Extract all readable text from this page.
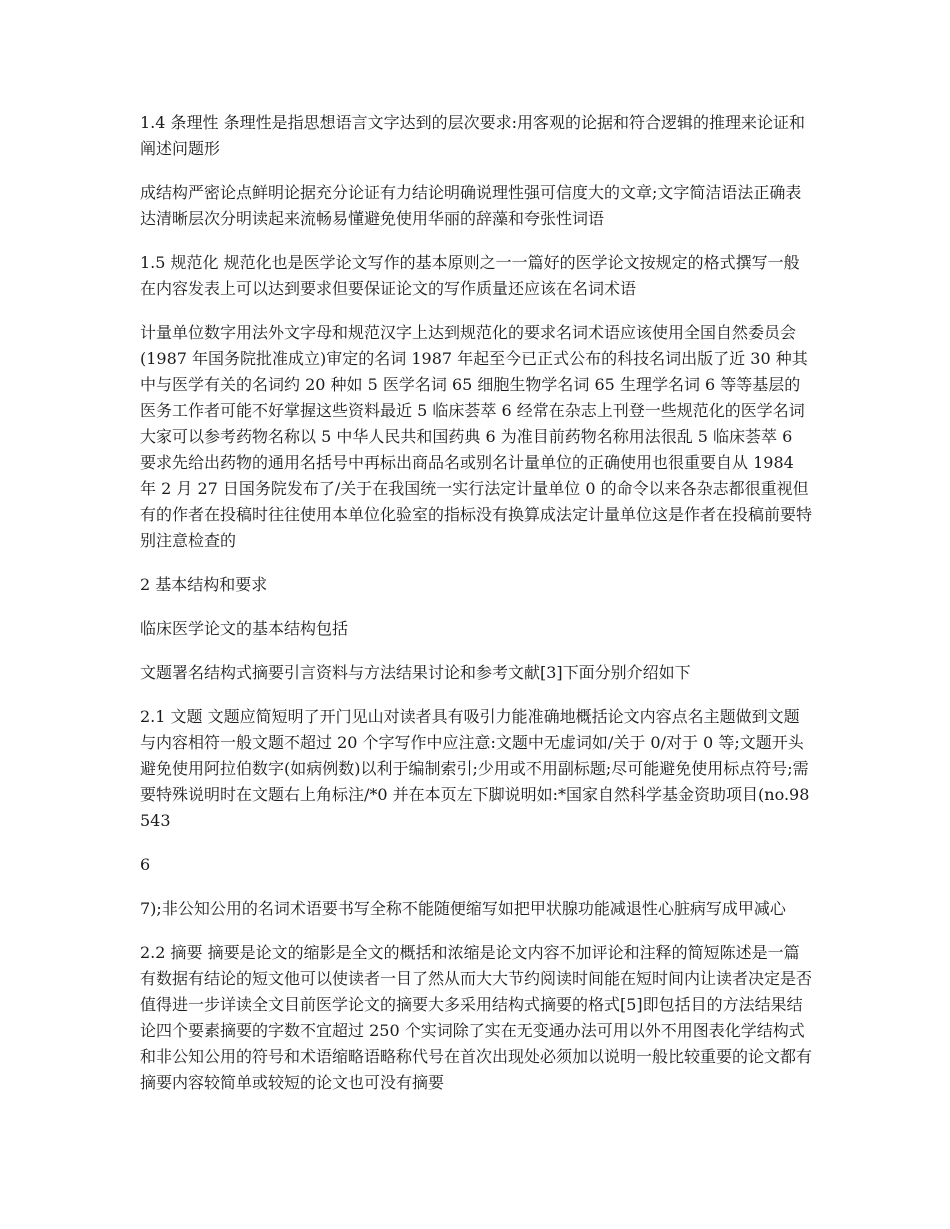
1.4 条理性 条理性是指思想语言文字达到的层次要求:用客观的论据和符合逻辑的推理来论证和阐述问题形

成结构严密论点鲜明论据充分论证有力结论明确说理性强可信度大的文章;文字简洁语法正确表达清晰层次分明读起来流畅易懂避免使用华丽的辞藻和夸张性词语

1.5 规范化 规范化也是医学论文写作的基本原则之一一篇好的医学论文按规定的格式撰写一般在内容发表上可以达到要求但要保证论文的写作质量还应该在名词术语

计量单位数字用法外文字母和规范汉字上达到规范化的要求名词术语应该使用全国自然委员会(1987 年国务院批准成立)审定的名词 1987 年起至今已正式公布的科技名词出版了近 30 种其中与医学有关的名词约 20 种如 5 医学名词 65 细胞生物学名词 65 生理学名词 6 等等基层的医务工作者可能不好掌握这些资料最近 5 临床荟萃 6 经常在杂志上刊登一些规范化的医学名词大家可以参考药物名称以 5 中华人民共和国药典 6 为准目前药物名称用法很乱 5 临床荟萃 6 要求先给出药物的通用名括号中再标出商品名或别名计量单位的正确使用也很重要自从 1984 年 2 月 27 日国务院发布了/关于在我国统一实行法定计量单位 0 的命令以来各杂志都很重视但有的作者在投稿时往往使用本单位化验室的指标没有换算成法定计量单位这是作者在投稿前要特别注意检查的

2 基本结构和要求

临床医学论文的基本结构包括

文题署名结构式摘要引言资料与方法结果讨论和参考文献[3]下面分别介绍如下

2.1 文题 文题应简短明了开门见山对读者具有吸引力能准确地概括论文内容点名主题做到文题与内容相符一般文题不超过 20 个字写作中应注意:文题中无虚词如/关于 0/对于 0 等;文题开头避免使用阿拉伯数字(如病例数)以利于编制索引;少用或不用副标题;尽可能避免使用标点符号;需要特殊说明时在文题右上角标注/*0 并在本页左下脚说明如:*国家自然科学基金资助项目(no.98543

6

7);非公知公用的名词术语要书写全称不能随便缩写如把甲状腺功能减退性心脏病写成甲减心

2.2 摘要 摘要是论文的缩影是全文的概括和浓缩是论文内容不加评论和注释的简短陈述是一篇有数据有结论的短文他可以使读者一目了然从而大大节约阅读时间能在短时间内让读者决定是否值得进一步详读全文目前医学论文的摘要大多采用结构式摘要的格式[5]即包括目的方法结果结论四个要素摘要的字数不宜超过 250 个实词除了实在无变通办法可用以外不用图表化学结构式和非公知公用的符号和术语缩略语略称代号在首次出现处必须加以说明一般比较重要的论文都有摘要内容较简单或较短的论文也可没有摘要
